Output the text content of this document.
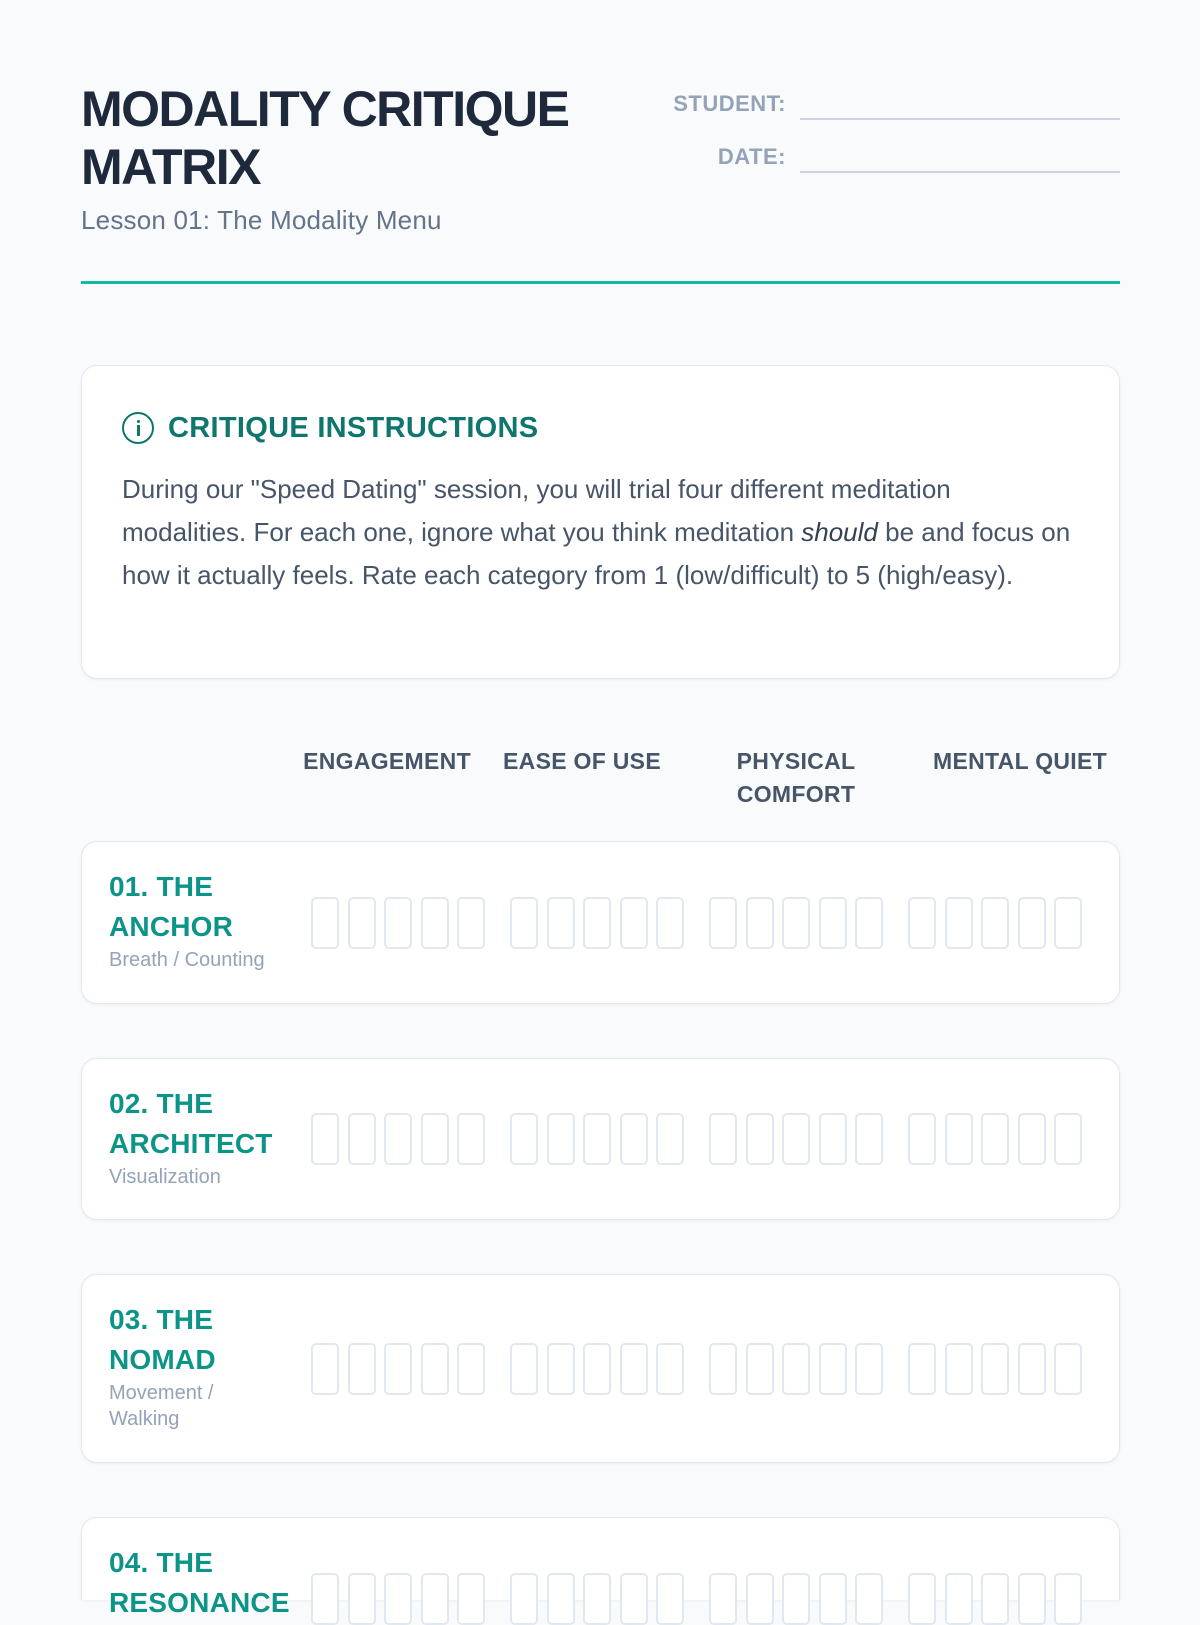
MODALITY CRITIQUE MATRIX
Lesson 01: The Modality Menu
STUDENT:
DATE:
CRITIQUE INSTRUCTIONS

During our "Speed Dating" session, you will trial four different meditation modalities. For each one, ignore what you think meditation should be and focus on how it actually feels. Rate each category from 1 (low/difficult) to 5 (high/easy).

ENGAGEMENT	EASE OF USE	PHYSICAL COMFORT
MENTAL QUIET
01. THE ANCHOR
Breath / Counting
02. THE ARCHITECT
Visualization
03. THE NOMAD
Movement / Walking
04. THE RESONANCE
